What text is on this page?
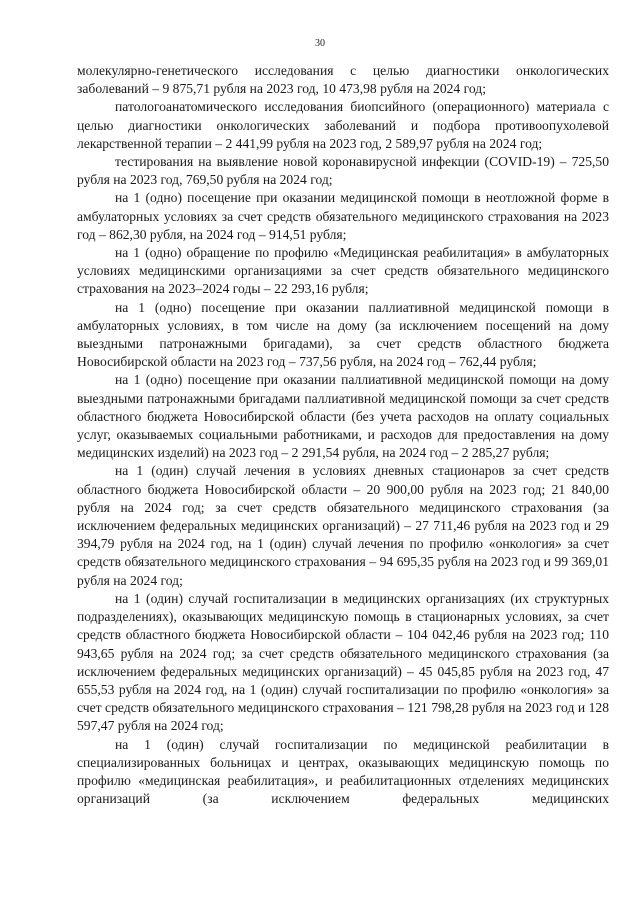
30

молекулярно-генетического исследования с целью диагностики онкологических заболеваний – 9 875,71 рубля на 2023 год, 10 473,98 рубля на 2024 год;

патологоанатомического исследования биопсийного (операционного) материала с целью диагностики онкологических заболеваний и подбора противоопухолевой лекарственной терапии – 2 441,99 рубля на 2023 год, 2 589,97 рубля на 2024 год;

тестирования на выявление новой коронавирусной инфекции (COVID-19) – 725,50 рубля на 2023 год, 769,50 рубля на 2024 год;

на 1 (одно) посещение при оказании медицинской помощи в неотложной форме в амбулаторных условиях за счет средств обязательного медицинского страхования на 2023 год – 862,30 рубля, на 2024 год – 914,51 рубля;

на 1 (одно) обращение по профилю «Медицинская реабилитация» в амбулаторных условиях медицинскими организациями за счет средств обязательного медицинского страхования на 2023–2024 годы – 22 293,16 рубля;

на 1 (одно) посещение при оказании паллиативной медицинской помощи в амбулаторных условиях, в том числе на дому (за исключением посещений на дому выездными патронажными бригадами), за счет средств областного бюджета Новосибирской области на 2023 год – 737,56 рубля, на 2024 год – 762,44 рубля;

на 1 (одно) посещение при оказании паллиативной медицинской помощи на дому выездными патронажными бригадами паллиативной медицинской помощи за счет средств областного бюджета Новосибирской области (без учета расходов на оплату социальных услуг, оказываемых социальными работниками, и расходов для предоставления на дому медицинских изделий) на 2023 год – 2 291,54 рубля, на 2024 год – 2 285,27 рубля;

на 1 (один) случай лечения в условиях дневных стационаров за счет средств областного бюджета Новосибирской области – 20 900,00 рубля на 2023 год; 21 840,00 рубля на 2024 год; за счет средств обязательного медицинского страхования (за исключением федеральных медицинских организаций) – 27 711,46 рубля на 2023 год и 29 394,79 рубля на 2024 год, на 1 (один) случай лечения по профилю «онкология» за счет средств обязательного медицинского страхования – 94 695,35 рубля на 2023 год и 99 369,01 рубля на 2024 год;

на 1 (один) случай госпитализации в медицинских организациях (их структурных подразделениях), оказывающих медицинскую помощь в стационарных условиях, за счет средств областного бюджета Новосибирской области – 104 042,46 рубля на 2023 год; 110 943,65 рубля на 2024 год; за счет средств обязательного медицинского страхования (за исключением федеральных медицинских организаций) – 45 045,85 рубля на 2023 год, 47 655,53 рубля на 2024 год, на 1 (один) случай госпитализации по профилю «онкология» за счет средств обязательного медицинского страхования – 121 798,28 рубля на 2023 год и 128 597,47 рубля на 2024 год;

на 1 (один) случай госпитализации по медицинской реабилитации в специализированных больницах и центрах, оказывающих медицинскую помощь по профилю «медицинская реабилитация», и реабилитационных отделениях медицинских организаций (за исключением федеральных медицинских
